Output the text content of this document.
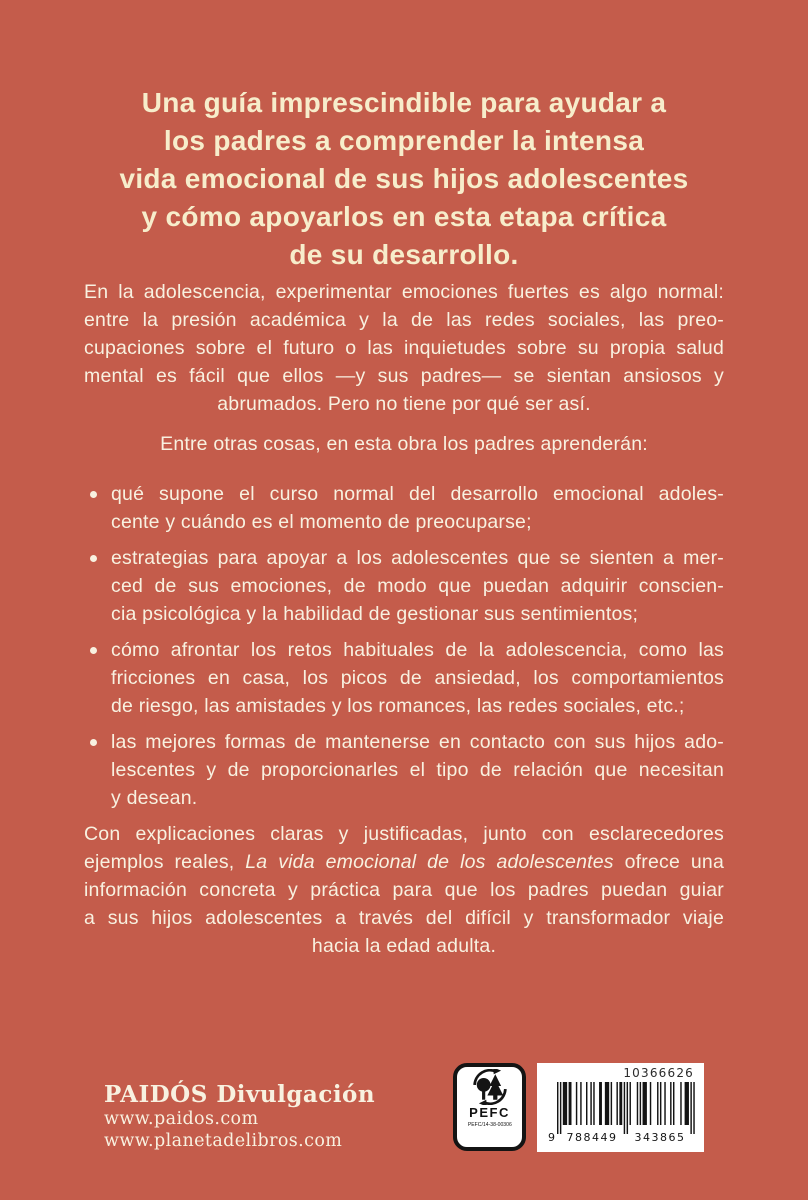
Una guía imprescindible para ayudar a
los padres a comprender la intensa
vida emocional de sus hijos adolescentes
y cómo apoyarlos en esta etapa crítica
de su desarrollo.
En la adolescencia, experimentar emociones fuertes es algo normal:
entre la presión académica y la de las redes sociales, las preo-
cupaciones sobre el futuro o las inquietudes sobre su propia salud
mental es fácil que ellos —y sus padres— se sientan ansiosos y
abrumados. Pero no tiene por qué ser así.
Entre otras cosas, en esta obra los padres aprenderán:
qué supone el curso normal del desarrollo emocional adoles-
cente y cuándo es el momento de preocuparse;
estrategias para apoyar a los adolescentes que se sienten a mer-
ced de sus emociones, de modo que puedan adquirir conscien-
cia psicológica y la habilidad de gestionar sus sentimientos;
cómo afrontar los retos habituales de la adolescencia, como las
fricciones en casa, los picos de ansiedad, los comportamientos
de riesgo, las amistades y los romances, las redes sociales, etc.;
las mejores formas de mantenerse en contacto con sus hijos ado-
lescentes y de proporcionarles el tipo de relación que necesitan
y desean.
Con explicaciones claras y justificadas, junto con esclarecedores
ejemplos reales, La vida emocional de los adolescentes ofrece una
información concreta y práctica para que los padres puedan guiar
a sus hijos adolescentes a través del difícil y transformador viaje
hacia la edad adulta.
PAIDÓS Divulgación
www.paidos.com
www.planetadelibros.com
PEFC
PEFC/14-38-00306
10366626
9 788449 343865
